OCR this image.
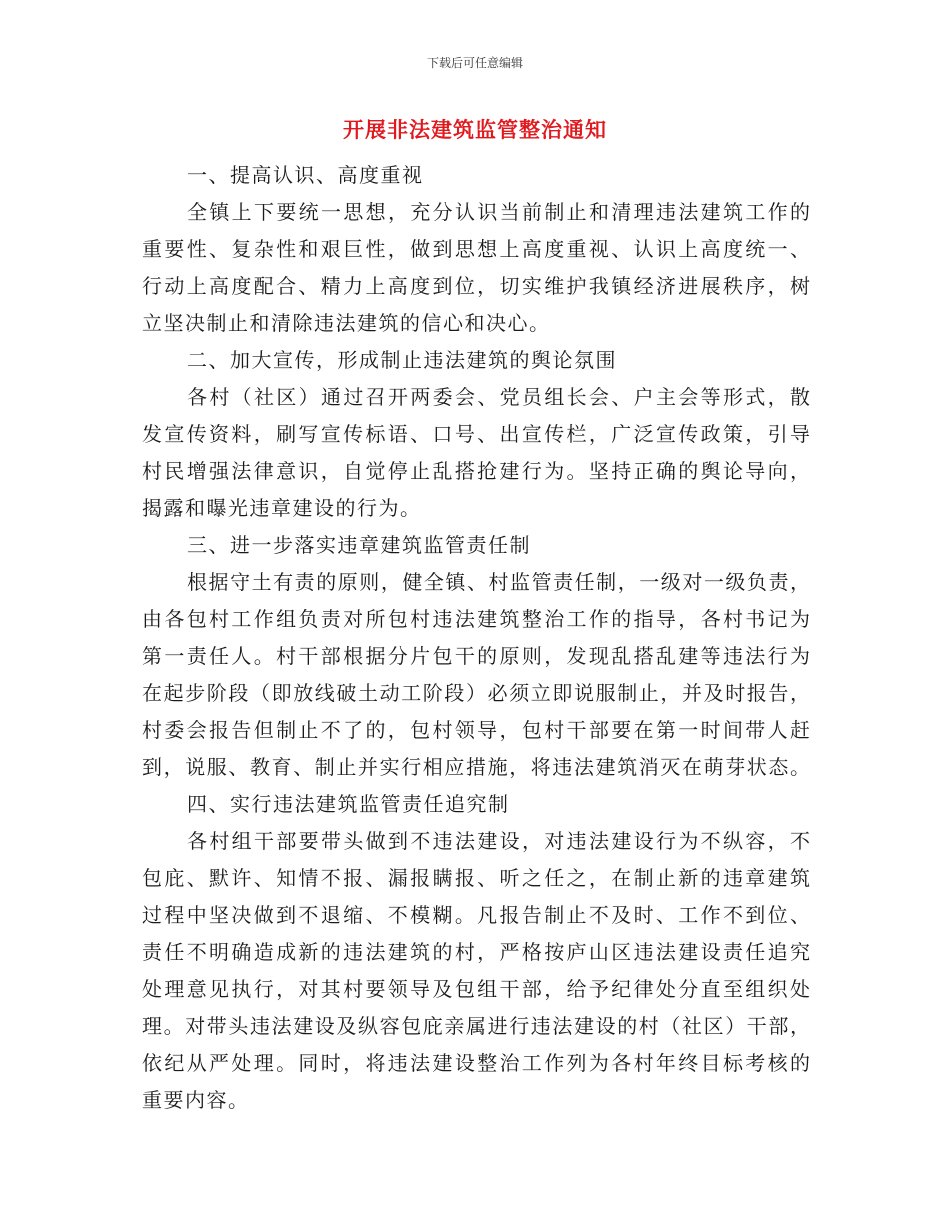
下载后可任意编辑
开展非法建筑监管整治通知
一、提高认识、高度重视
全镇上下要统一思想，充分认识当前制止和清理违法建筑工作的
重要性、复杂性和艰巨性，做到思想上高度重视、认识上高度统一、
行动上高度配合、精力上高度到位，切实维护我镇经济进展秩序，树
立坚决制止和清除违法建筑的信心和决心。
二、加大宣传，形成制止违法建筑的舆论氛围
各村（社区）通过召开两委会、党员组长会、户主会等形式，散
发宣传资料，刷写宣传标语、口号、出宣传栏，广泛宣传政策，引导
村民增强法律意识，自觉停止乱搭抢建行为。坚持正确的舆论导向，
揭露和曝光违章建设的行为。
三、进一步落实违章建筑监管责任制
根据守土有责的原则，健全镇、村监管责任制，一级对一级负责，
由各包村工作组负责对所包村违法建筑整治工作的指导，各村书记为
第一责任人。村干部根据分片包干的原则，发现乱搭乱建等违法行为
在起步阶段（即放线破土动工阶段）必须立即说服制止，并及时报告，
村委会报告但制止不了的，包村领导，包村干部要在第一时间带人赶
到，说服、教育、制止并实行相应措施，将违法建筑消灭在萌芽状态。
四、实行违法建筑监管责任追究制
各村组干部要带头做到不违法建设，对违法建设行为不纵容，不
包庇、默许、知情不报、漏报瞒报、听之任之，在制止新的违章建筑
过程中坚决做到不退缩、不模糊。凡报告制止不及时、工作不到位、
责任不明确造成新的违法建筑的村，严格按庐山区违法建设责任追究
处理意见执行，对其村要领导及包组干部，给予纪律处分直至组织处
理。对带头违法建设及纵容包庇亲属进行违法建设的村（社区）干部，
依纪从严处理。同时，将违法建设整治工作列为各村年终目标考核的
重要内容。
